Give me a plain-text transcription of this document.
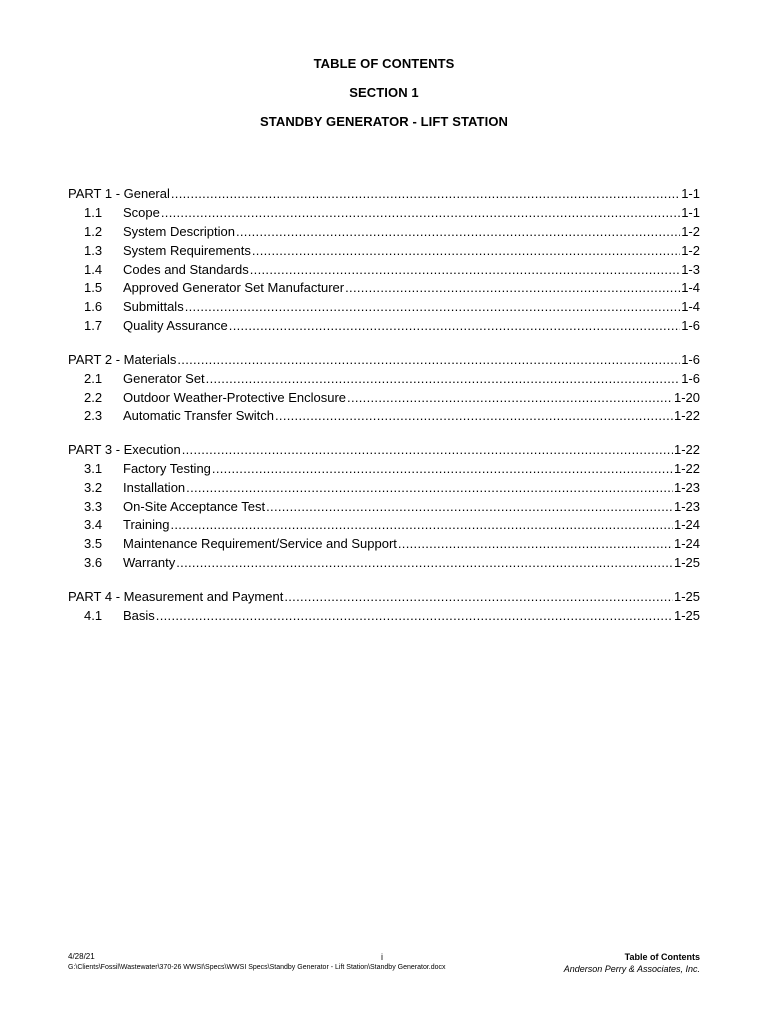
TABLE OF CONTENTS
SECTION 1
STANDBY GENERATOR - LIFT STATION
PART 1 - General .....	1-1
1.1	Scope .....	1-1
1.2	System Description .....	1-2
1.3	System Requirements .....	1-2
1.4	Codes and Standards .....	1-3
1.5	Approved Generator Set Manufacturer .....	1-4
1.6	Submittals .....	1-4
1.7	Quality Assurance .....	1-6
PART 2 - Materials .....	1-6
2.1	Generator Set .....	1-6
2.2	Outdoor Weather-Protective Enclosure .....	1-20
2.3	Automatic Transfer Switch .....	1-22
PART 3 - Execution .....	1-22
3.1	Factory Testing .....	1-22
3.2	Installation .....	1-23
3.3	On-Site Acceptance Test .....	1-23
3.4	Training .....	1-24
3.5	Maintenance Requirement/Service and Support .....	1-24
3.6	Warranty .....	1-25
PART 4 - Measurement and Payment .....	1-25
4.1	Basis .....	1-25
4/28/21
G:\Clients\Fossil\Wastewater\370-26 WWSI\Specs\WWSI Specs\Standby Generator - Lift Station\Standby Generator.docx
i	Table of Contents
Anderson Perry & Associates, Inc.
